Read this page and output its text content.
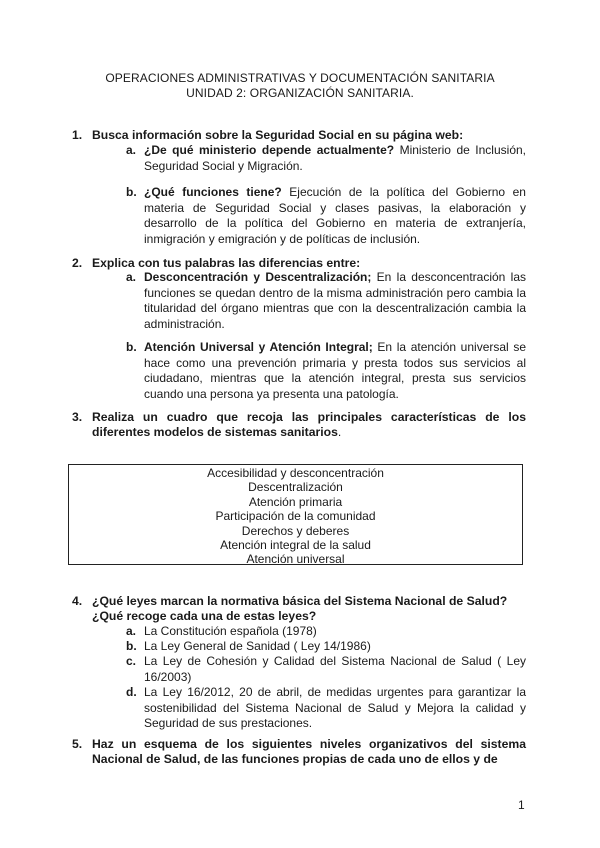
OPERACIONES ADMINISTRATIVAS Y DOCUMENTACIÓN SANITARIA
UNIDAD 2: ORGANIZACIÓN SANITARIA.
1. Busca información sobre la Seguridad Social en su página web:
a. ¿De qué ministerio depende actualmente? Ministerio de Inclusión, Seguridad Social y Migración.
b. ¿Qué funciones tiene? Ejecución de la política del Gobierno en materia de Seguridad Social y clases pasivas, la elaboración y desarrollo de la política del Gobierno en materia de extranjería, inmigración y emigración y de políticas de inclusión.
2. Explica con tus palabras las diferencias entre:
a. Desconcentración y Descentralización; En la desconcentración las funciones se quedan dentro de la misma administración pero cambia la titularidad del órgano mientras que con la descentralización cambia la administración.
b. Atención Universal y Atención Integral; En la atención universal se hace como una prevención primaria y presta todos sus servicios al ciudadano, mientras que la atención integral, presta sus servicios cuando una persona ya presenta una patología.
3. Realiza un cuadro que recoja las principales características de los diferentes modelos de sistemas sanitarios.
Accesibilidad y desconcentración
Descentralización
Atención primaria
Participación de la comunidad
Derechos y deberes
Atención integral de la salud
Atención universal
4. ¿Qué leyes marcan la normativa básica del Sistema Nacional de Salud? ¿Qué recoge cada una de estas leyes?
a. La Constitución española (1978)
b. La Ley General de Sanidad ( Ley 14/1986)
c. La Ley de Cohesión y Calidad del Sistema Nacional de Salud ( Ley 16/2003)
d. La Ley 16/2012, 20 de abril, de medidas urgentes para garantizar la sostenibilidad del Sistema Nacional de Salud y Mejora la calidad y Seguridad de sus prestaciones.
5. Haz un esquema de los siguientes niveles organizativos del sistema Nacional de Salud, de las funciones propias de cada uno de ellos y de
1
